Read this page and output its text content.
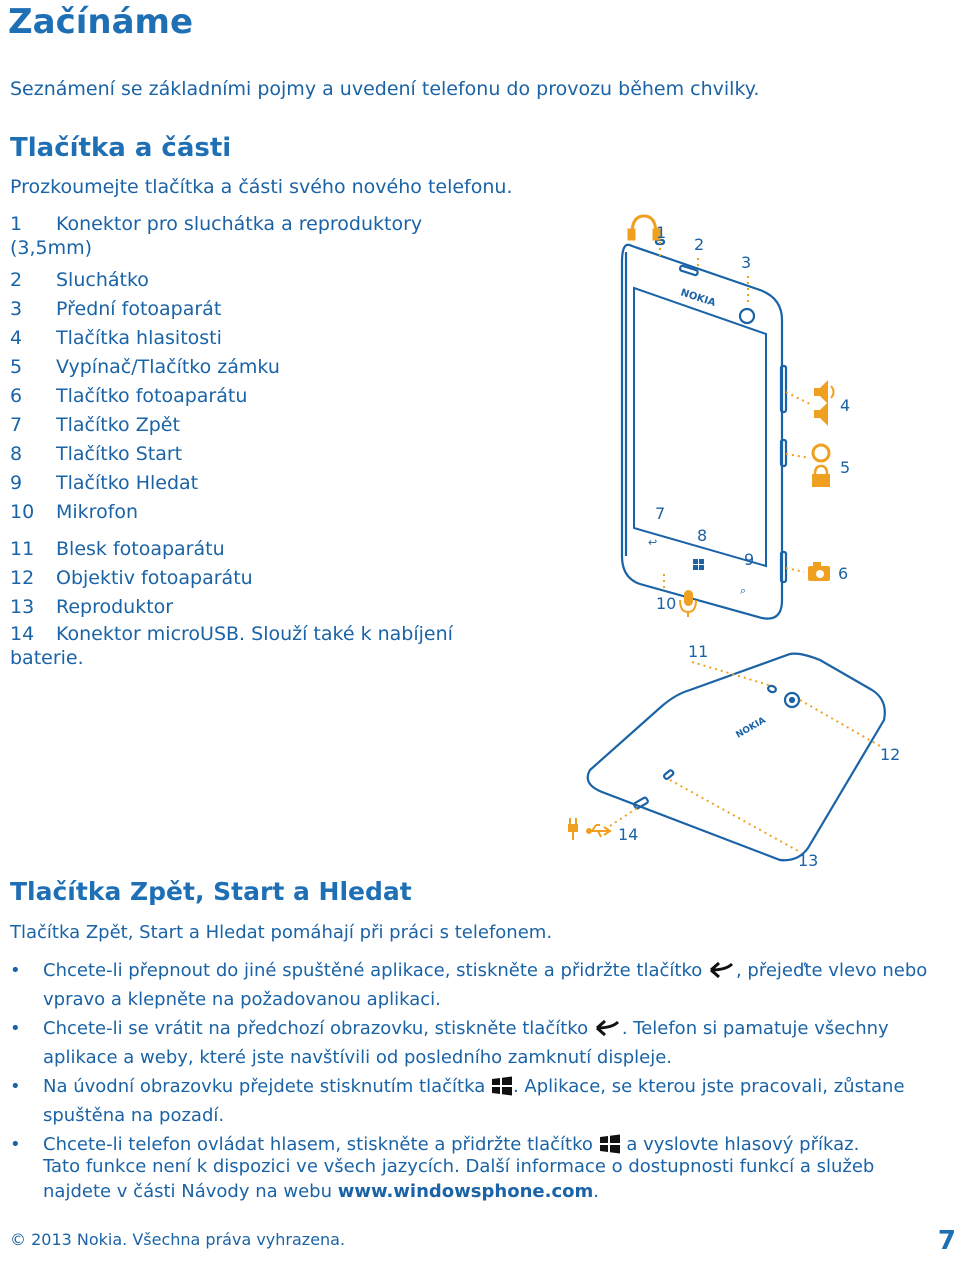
Začínáme
Seznámení se základními pojmy a uvedení telefonu do provozu během chvilky.
Tlačítka a části
Prozkoumejte tlačítka a části svého nového telefonu.
1 Konektor pro sluchátka a reproduktory (3,5mm)
2 Sluchátko
3 Přední fotoaparát
4 Tlačítka hlasitosti
5 Vypínač/Tlačítko zámku
6 Tlačítko fotoaparátu
7 Tlačítko Zpět
8 Tlačítko Start
9 Tlačítko Hledat
10 Mikrofon
11 Blesk fotoaparátu
12 Objektiv fotoaparátu
13 Reproduktor
14 Konektor microUSB. Slouží také k nabíjení baterie.
↩
⌕
NOKIA
NOKIA
1
2
3
4
5
6
7
8
9
10
11
12
13
14
Tlačítka Zpět, Start a Hledat
Tlačítka Zpět, Start a Hledat pomáhají při práci s telefonem.
• Chcete-li přepnout do jiné spuštěné aplikace, stiskněte a přidržte tlačítko , přejeďte vlevo nebo vpravo a klepněte na požadovanou aplikaci.
• Chcete-li se vrátit na předchozí obrazovku, stiskněte tlačítko . Telefon si pamatuje všechny aplikace a weby, které jste navštívili od posledního zamknutí displeje.
• Na úvodní obrazovku přejdete stisknutím tlačítka . Aplikace, se kterou jste pracovali, zůstane spuštěna na pozadí.
• Chcete-li telefon ovládat hlasem, stiskněte a přidržte tlačítko  a vyslovte hlasový příkaz.
Tato funkce není k dispozici ve všech jazycích. Další informace o dostupnosti funkcí a služeb najdete v části Návody na webu www.windowsphone.com.
© 2013 Nokia. Všechna práva vyhrazena.	7
